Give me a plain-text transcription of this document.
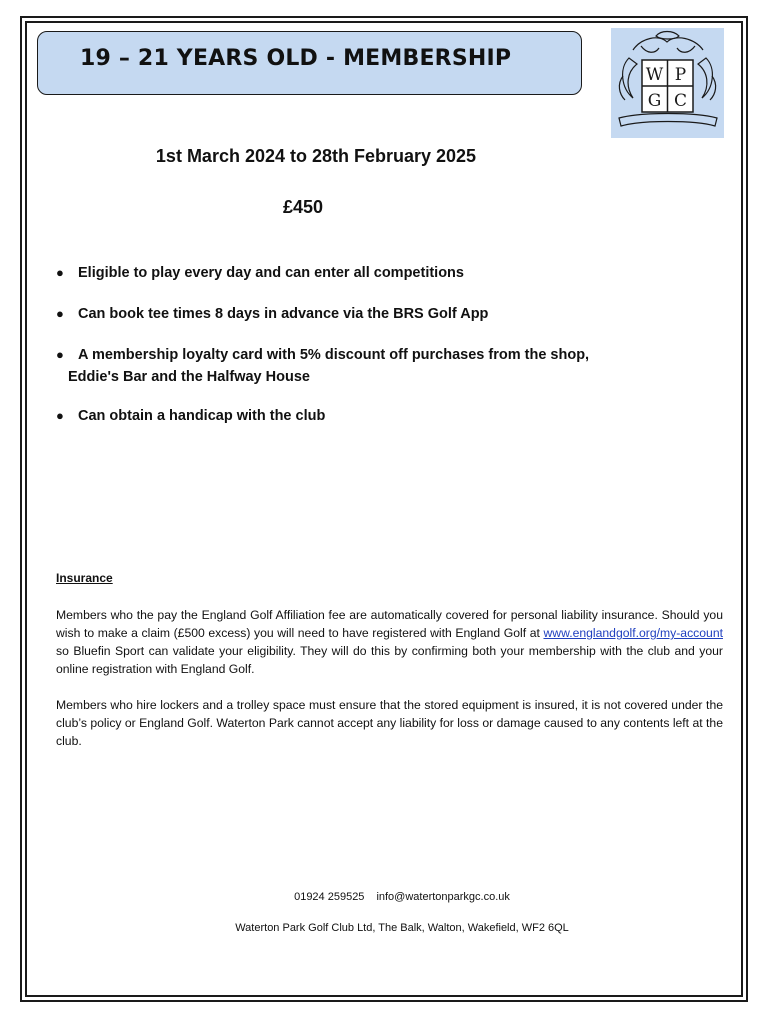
19 – 21 YEARS OLD - MEMBERSHIP
W P
G C

1st March 2024 to 28th February 2025

£450

● Eligible to play every day and can enter all competitions
● Can book tee times 8 days in advance via the BRS Golf App
● A membership loyalty card with 5% discount off purchases from the shop,
Eddie's Bar and the Halfway House
● Can obtain a handicap with the club
Insurance

Members who the pay the England Golf Affiliation fee are automatically covered for personal liability insurance. Should you wish to make a claim (£500 excess) you will need to have registered with England Golf at www.englandgolf.org/my-account so Bluefin Sport can validate your eligibility. They will do this by confirming both your membership with the club and your online registration with England Golf.

Members who hire lockers and a trolley space must ensure that the stored equipment is insured, it is not covered under the club’s policy or England Golf. Waterton Park cannot accept any liability for loss or damage caused to any contents left at the club.

01924 259525 info@watertonparkgc.co.uk

Waterton Park Golf Club Ltd, The Balk, Walton, Wakefield, WF2 6QL
